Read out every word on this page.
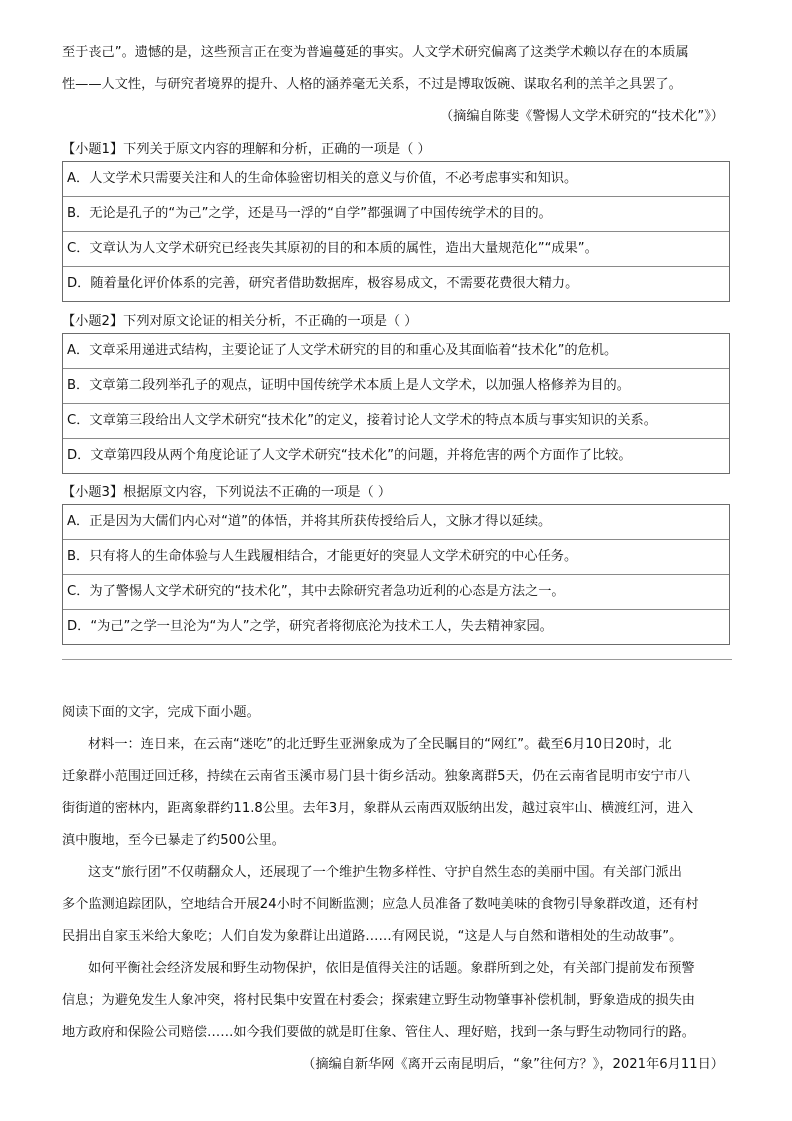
至于丧己”。遗憾的是，这些预言正在变为普遍蔓延的事实。人文学术研究偏离了这类学术赖以存在的本质属

性——人文性，与研究者境界的提升、人格的涵养毫无关系，不过是博取饭碗、谋取名利的羔羊之具罢了。

（摘编自陈斐《警惕人文学术研究的“技术化”》）

【小题1】下列关于原文内容的理解和分析，正确的一项是（ ）

A．人文学术只需要关注和人的生命体验密切相关的意义与价值，不必考虑事实和知识。
B．无论是孔子的“为己”之学，还是马一浮的“自学”都强调了中国传统学术的目的。
C．文章认为人文学术研究已经丧失其原初的目的和本质的属性，造出大量规范化”“成果”。
D．随着量化评价体系的完善，研究者借助数据库，极容易成文，不需要花费很大精力。

【小题2】下列对原文论证的相关分析，不正确的一项是（ ）

A．文章采用递进式结构，主要论证了人文学术研究的目的和重心及其面临着“技术化”的危机。
B．文章第二段列举孔子的观点，证明中国传统学术本质上是人文学术，以加强人格修养为目的。
C．文章第三段给出人文学术研究“技术化”的定义，接着讨论人文学术的特点本质与事实知识的关系。
D．文章第四段从两个角度论证了人文学术研究“技术化”的问题，并将危害的两个方面作了比较。

【小题3】根据原文内容，下列说法不正确的一项是（ ）

A．正是因为大儒们内心对“道”的体悟，并将其所获传授给后人，文脉才得以延续。
B．只有将人的生命体验与人生践履相结合，才能更好的突显人文学术研究的中心任务。
C．为了警惕人文学术研究的“技术化”，其中去除研究者急功近利的心态是方法之一。
D．“为己”之学一旦沦为“为人”之学，研究者将彻底沦为技术工人，失去精神家园。

阅读下面的文字，完成下面小题。

材料一：连日来，在云南“迷吃”的北迁野生亚洲象成为了全民瞩目的“网红”。截至6月10日20时，北

迁象群小范围迂回迁移，持续在云南省玉溪市易门县十街乡活动。独象离群5天，仍在云南省昆明市安宁市八

街街道的密林内，距离象群约11.8公里。去年3月，象群从云南西双版纳出发，越过哀牢山、横渡红河，进入

滇中腹地，至今已暴走了约500公里。

这支“旅行团”不仅萌翻众人，还展现了一个维护生物多样性、守护自然生态的美丽中国。有关部门派出

多个监测追踪团队，空地结合开展24小时不间断监测；应急人员准备了数吨美味的食物引导象群改道，还有村

民捐出自家玉米给大象吃；人们自发为象群让出道路……有网民说，“这是人与自然和谐相处的生动故事”。

如何平衡社会经济发展和野生动物保护，依旧是值得关注的话题。象群所到之处，有关部门提前发布预警

信息；为避免发生人象冲突，将村民集中安置在村委会；探索建立野生动物肇事补偿机制，野象造成的损失由

地方政府和保险公司赔偿……如今我们要做的就是盯住象、管住人、理好赔，找到一条与野生动物同行的路。

（摘编自新华网《离开云南昆明后，“象”往何方？》，2021年6月11日）
